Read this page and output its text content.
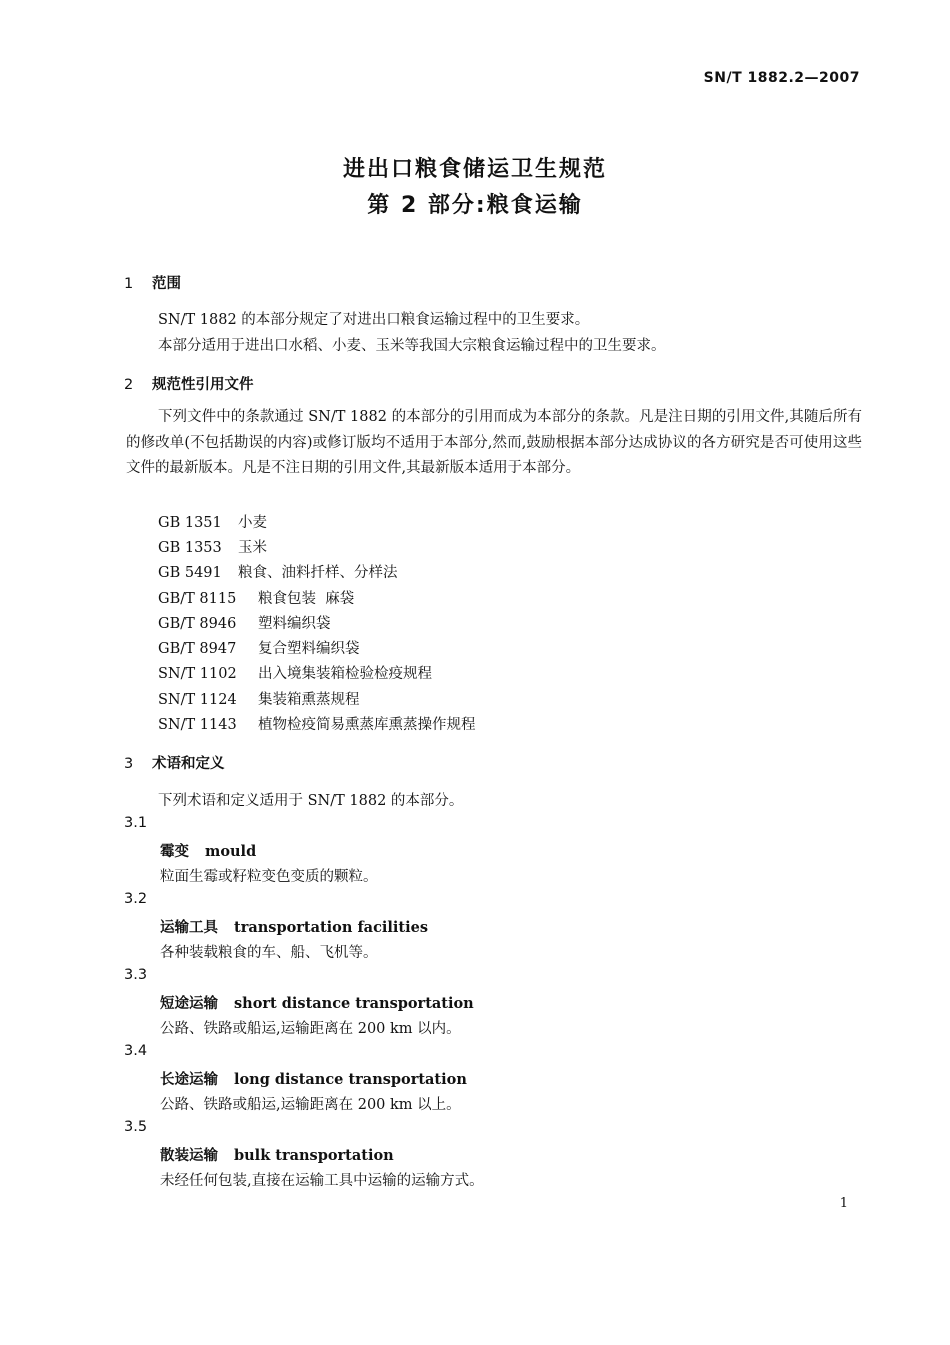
SN/T 1882.2—2007
进出口粮食储运卫生规范
第 2 部分:粮食运输
1 范围
SN/T 1882 的本部分规定了对进出口粮食运输过程中的卫生要求。
本部分适用于进出口水稻、小麦、玉米等我国大宗粮食运输过程中的卫生要求。
2 规范性引用文件
下列文件中的条款通过 SN/T 1882 的本部分的引用而成为本部分的条款。凡是注日期的引用文件,其随后所有的修改单(不包括勘误的内容)或修订版均不适用于本部分,然而,鼓励根据本部分达成协议的各方研究是否可使用这些文件的最新版本。凡是不注日期的引用文件,其最新版本适用于本部分。
GB 1351 小麦
GB 1353 玉米
GB 5491 粮食、油料扦样、分样法
GB/T 8115 粮食包装  麻袋
GB/T 8946 塑料编织袋
GB/T 8947 复合塑料编织袋
SN/T 1102 出入境集装箱检验检疫规程
SN/T 1124 集装箱熏蒸规程
SN/T 1143 植物检疫简易熏蒸库熏蒸操作规程
3 术语和定义
下列术语和定义适用于 SN/T 1882 的本部分。
3.1
霉变 mould
粒面生霉或籽粒变色变质的颗粒。
3.2
运输工具 transportation facilities
各种装载粮食的车、船、飞机等。
3.3
短途运输 short distance transportation
公路、铁路或船运,运输距离在 200 km 以内。
3.4
长途运输 long distance transportation
公路、铁路或船运,运输距离在 200 km 以上。
3.5
散装运输 bulk transportation
未经任何包装,直接在运输工具中运输的运输方式。
1
